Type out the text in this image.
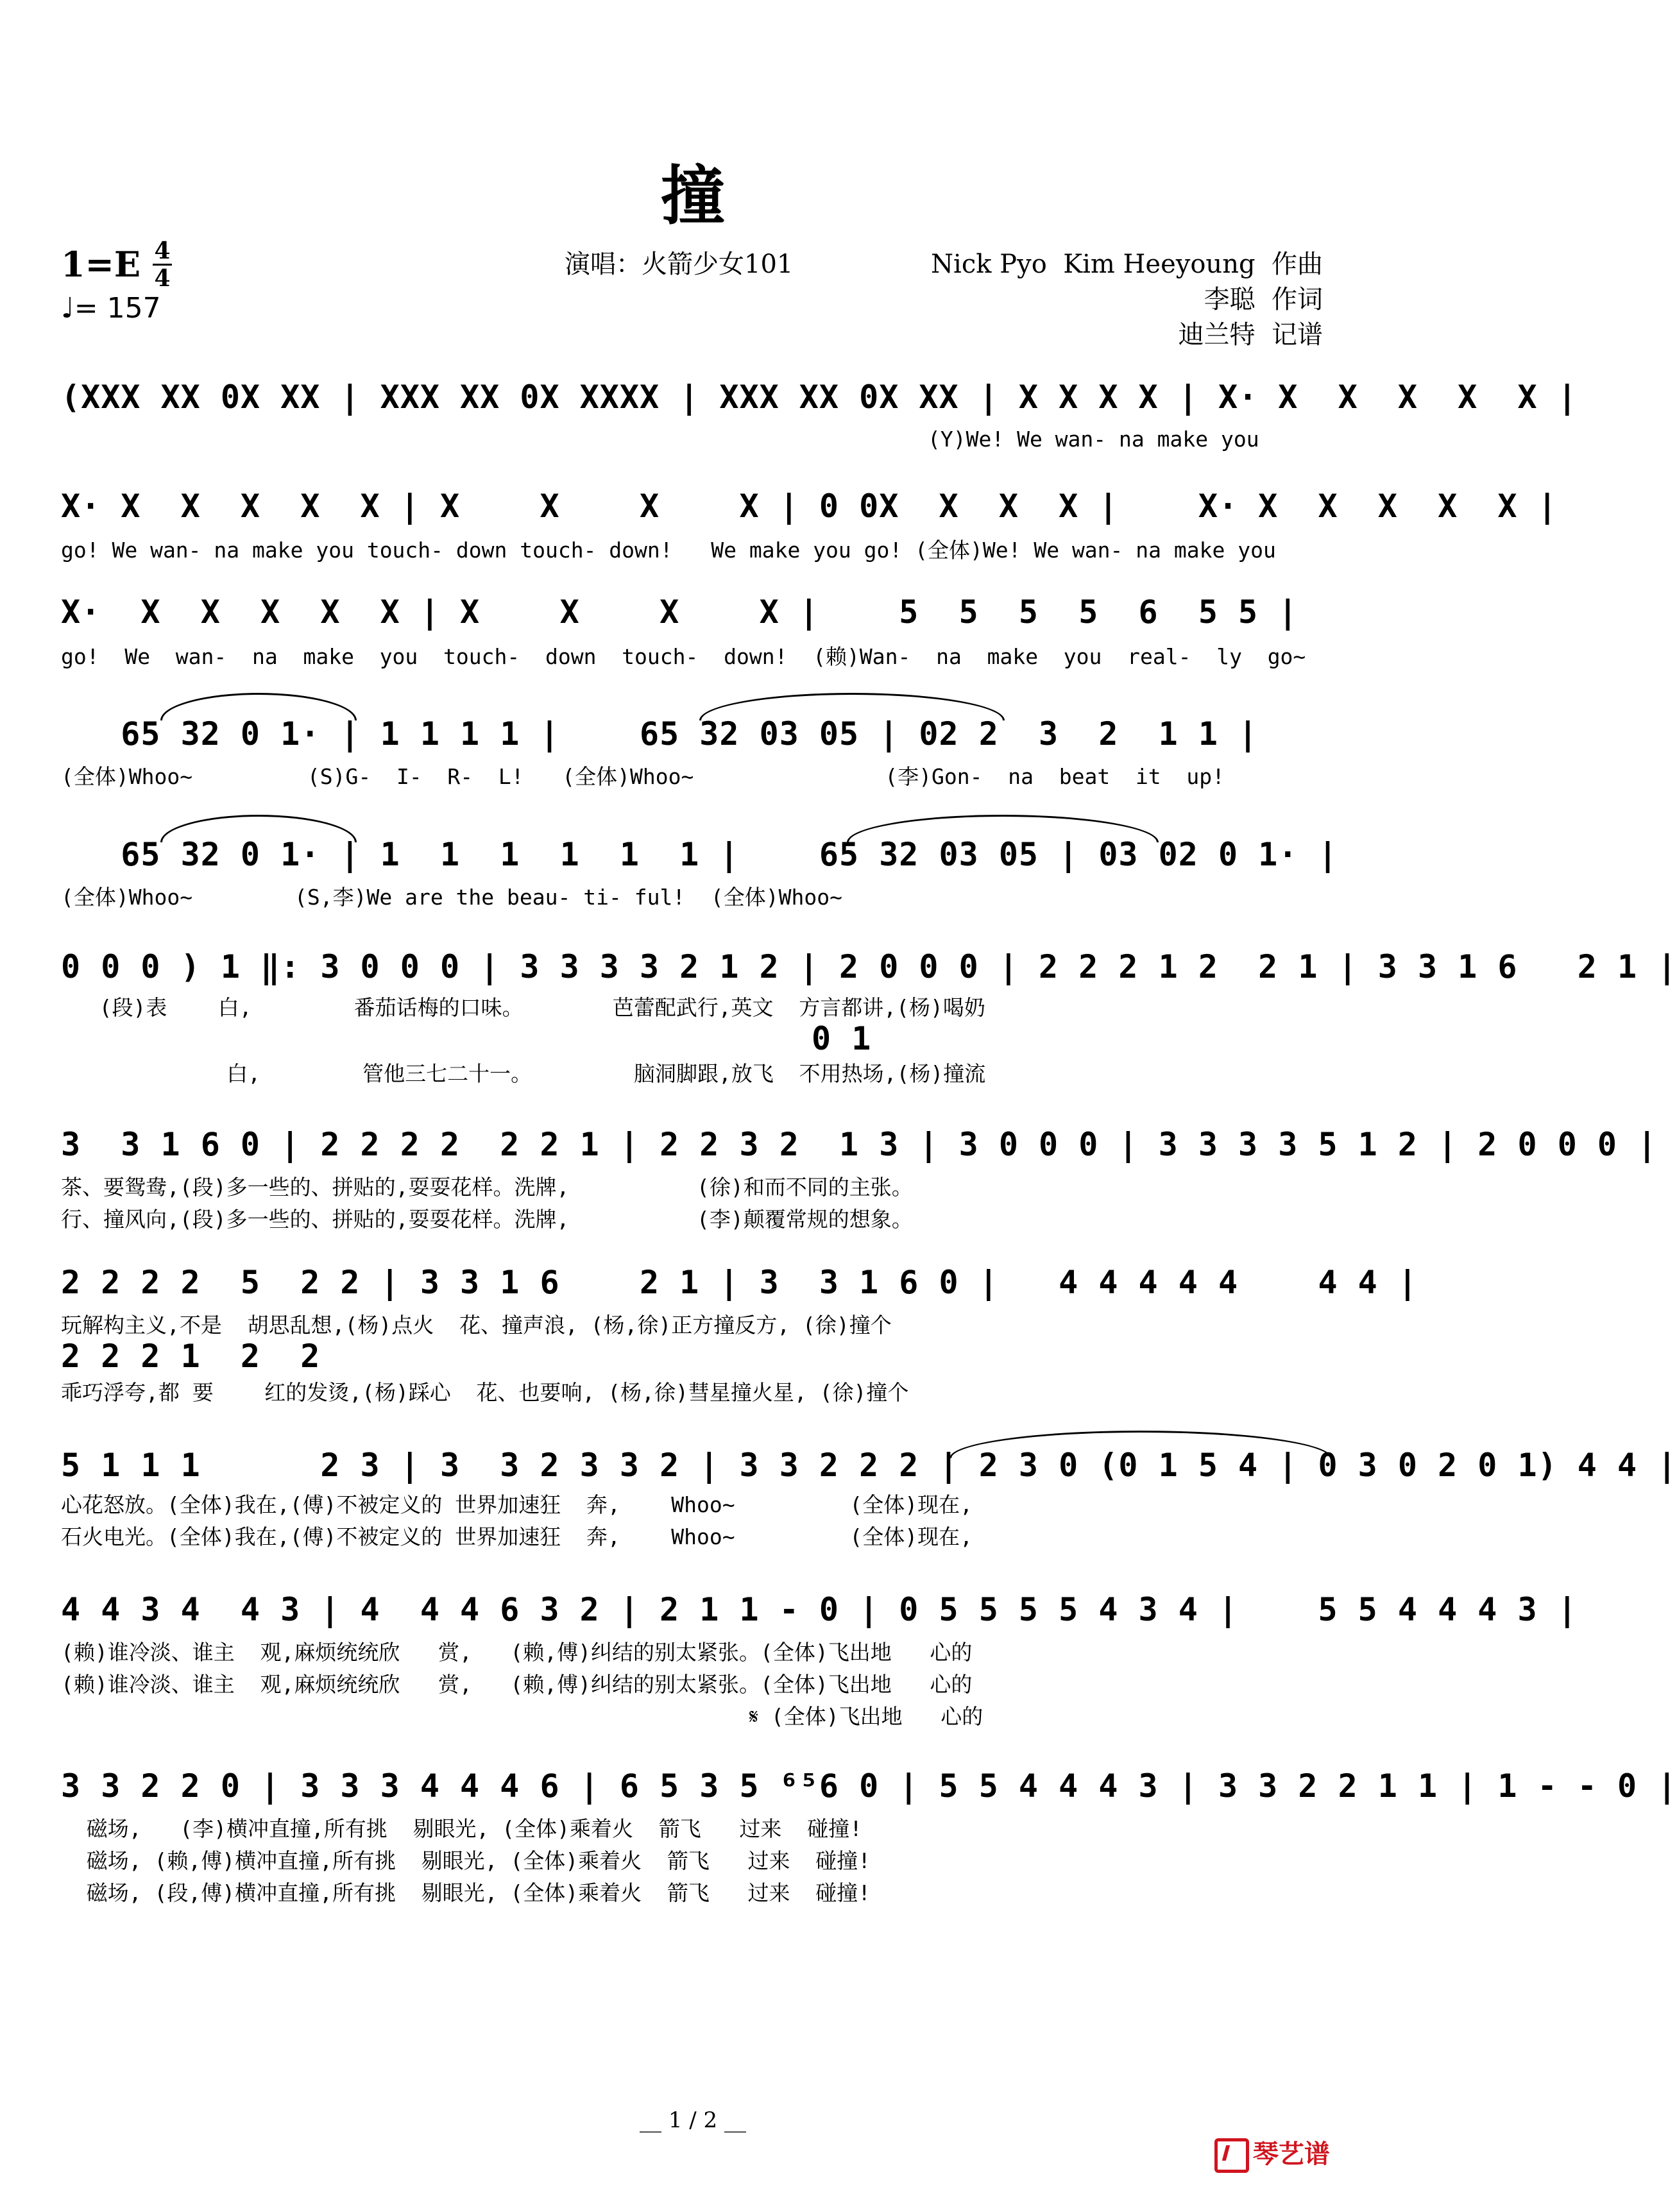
撞
1=E 4
4
♩= 157
演唱：火箭少女101	Nick Pyo  Kim Heeyoung  作曲
李聪  作词
迪兰特  记谱
(XXX XX 0X XX | XXX XX 0X XXXX | XXX XX 0X XX | X X X X | X· X  X  X  X  X |
(Y)We! We wan- na make you
X· X  X  X  X  X | X    X    X    X | 0 0X  X  X  X |    X· X  X  X  X  X |
go! We wan- na make you touch- down touch- down!   We make you go! (全体)We! We wan- na make you
X·  X  X  X  X  X | X    X    X    X |    5  5  5  5  6  5 5 |
go!  We  wan-  na  make  you  touch-  down  touch-  down!  (赖)Wan-  na  make  you  real-  ly  go~
65 32 0 1· | 1 1 1 1 |    65 32 03 05 | 02 2  3  2  1 1 |
(全体)Whoo~         (S)G-  I-  R-  L!   (全体)Whoo~               (李)Gon-  na  beat  it  up!
65 32 0 1· | 1  1  1  1  1  1 |    65 32 03 05 | 03 02 0 1· |
(全体)Whoo~        (S,李)We are the beau- ti- ful!  (全体)Whoo~
0 0 0 ) 1 ‖: 3 0 0 0 | 3 3 3 3 2 1 2 | 2 0 0 0 | 2 2 2 1 2  2 1 | 3 3 1 6   2 1 |
(段)表    白,        番茄话梅的口味。       芭蕾配武行,英文  方言都讲,(杨)喝奶
0 1
白,        管他三七二十一。        脑洞脚跟,放飞  不用热场,(杨)撞流
3  3 1 6 0 | 2 2 2 2  2 2 1 | 2 2 3 2  1 3 | 3 0 0 0 | 3 3 3 3 5 1 2 | 2 0 0 0 |
茶、要鸳鸯,(段)多一些的、拼贴的,耍耍花样。洗牌,          (徐)和而不同的主张。
行、撞风向,(段)多一些的、拼贴的,耍耍花样。洗牌,          (李)颠覆常规的想象。
2 2 2 2  5  2 2 | 3 3 1 6    2 1 | 3  3 1 6 0 |   4 4 4 4 4    4 4 |
玩解构主义,不是  胡思乱想,(杨)点火  花、撞声浪, (杨,徐)正方撞反方, (徐)撞个
2 2 2 1  2  2
乖巧浮夸,都 要    红的发烫,(杨)踩心  花、也要响, (杨,徐)彗星撞火星, (徐)撞个
5 1 1 1      2 3 | 3  3 2 3 3 2 | 3 3 2 2 2 | 2 3 0 (0 1 5 4 | 0 3 0 2 0 1) 4 4 |
心花怒放。(全体)我在,(傅)不被定义的 世界加速狂  奔,    Whoo~         (全体)现在,
石火电光。(全体)我在,(傅)不被定义的 世界加速狂  奔,    Whoo~         (全体)现在,
4 4 3 4  4 3 | 4  4 4 6 3 2 | 2 1 1 - 0 | 0 5 5 5 5 4 3 4 |    5 5 4 4 4 3 |
(赖)谁冷淡、谁主  观,麻烦统统欣   赏,   (赖,傅)纠结的别太紧张。(全体)飞出地   心的
(赖)谁冷淡、谁主  观,麻烦统统欣   赏,   (赖,傅)纠结的别太紧张。(全体)飞出地   心的
𝄋 (全体)飞出地   心的
3 3 2 2 0 | 3 3 3 4 4 4 6 | 6 5 3 5 ⁶⁵6 0 | 5 5 4 4 4 3 | 3 3 2 2 1 1 | 1 - - 0 |
磁场,   (李)横冲直撞,所有挑  剔眼光, (全体)乘着火  箭飞   过来  碰撞!
磁场, (赖,傅)横冲直撞,所有挑  剔眼光, (全体)乘着火  箭飞   过来  碰撞!
磁场, (段,傅)横冲直撞,所有挑  剔眼光, (全体)乘着火  箭飞   过来  碰撞!
__ 1 / 2 __

琴艺谱
